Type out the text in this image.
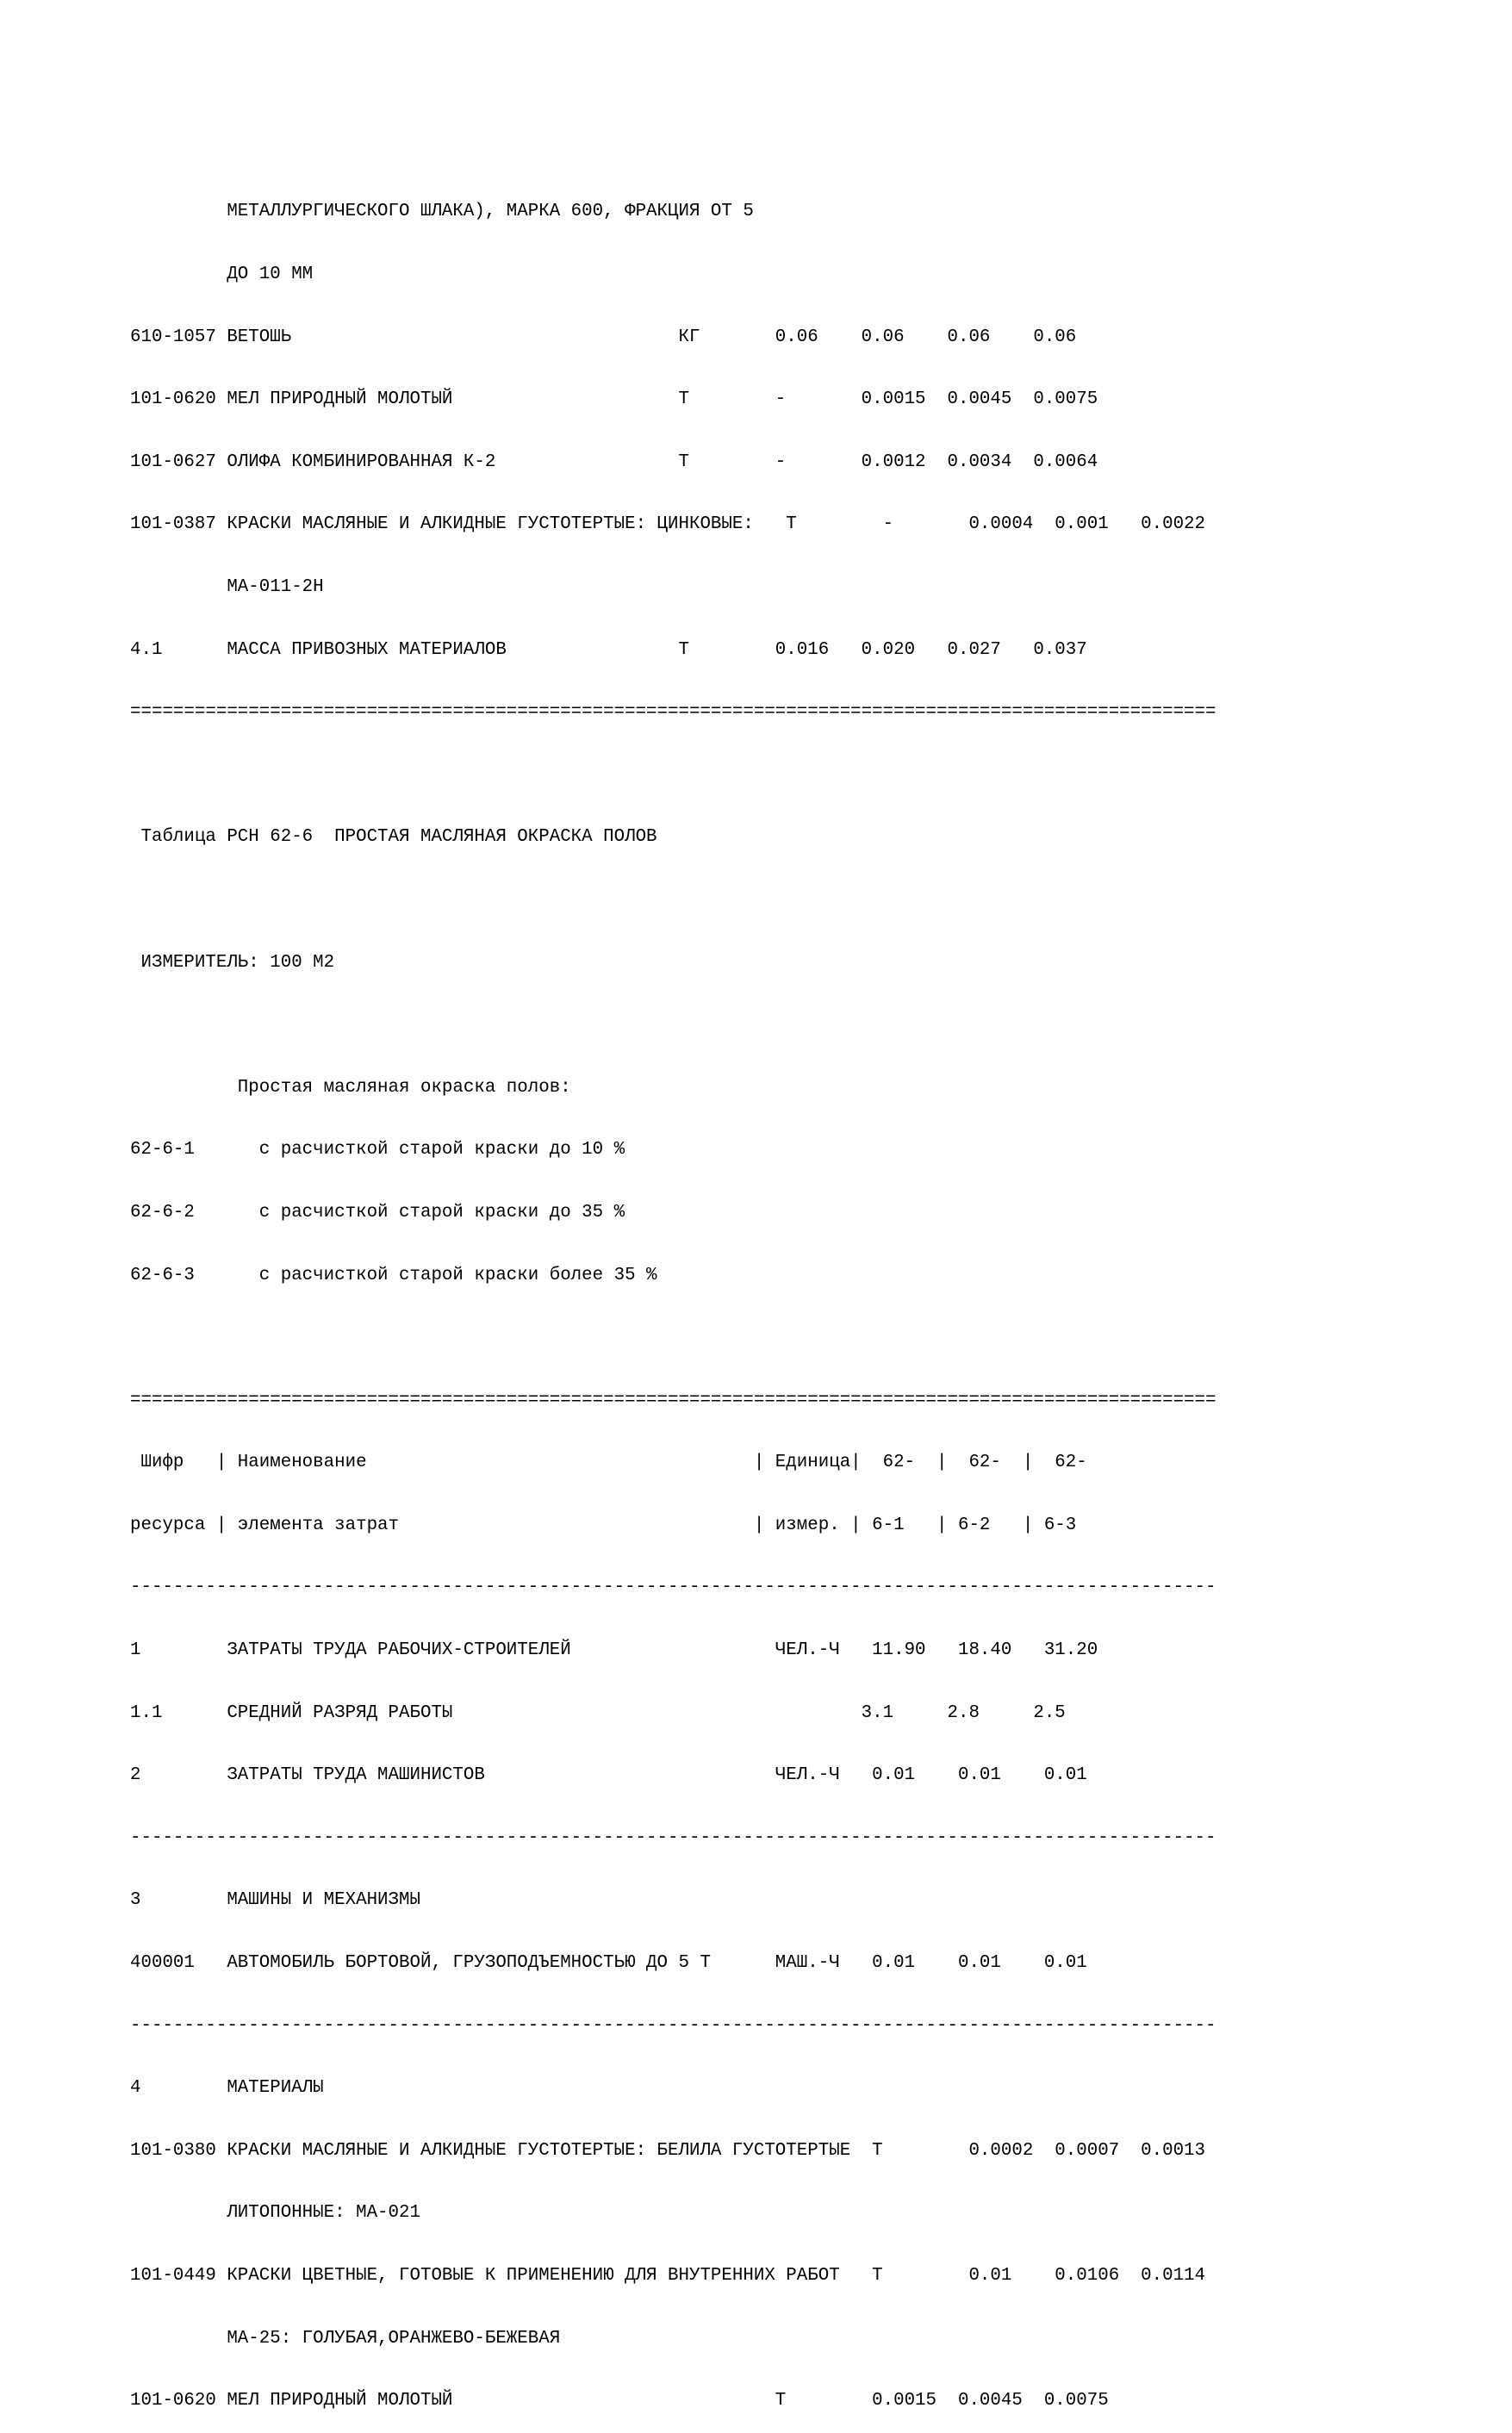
МЕТАЛЛУРГИЧЕСКОГО ШЛАКА), МАРКА 600, ФРАКЦИЯ ОТ 5

ДО 10 ММ

610-1057 ВЕТОШЬ                                    КГ       0.06    0.06    0.06    0.06

101-0620 МЕЛ ПРИРОДНЫЙ МОЛОТЫЙ                     Т        -       0.0015  0.0045  0.0075

101-0627 ОЛИФА КОМБИНИРОВАННАЯ К-2                 Т        -       0.0012  0.0034  0.0064

101-0387 КРАСКИ МАСЛЯНЫЕ И АЛКИДНЫЕ ГУСТОТЕРТЫЕ: ЦИНКОВЫЕ:   Т        -       0.0004  0.001   0.0022

МА-011-2Н

4.1      МАССА ПРИВОЗНЫХ МАТЕРИАЛОВ                Т        0.016   0.020   0.027   0.037

=====================================================================================================

Таблица РСН 62-6  ПРОСТАЯ МАСЛЯНАЯ ОКРАСКА ПОЛОВ

ИЗМЕРИТЕЛЬ: 100 М2

Простая масляная окраска полов:

62-6-1      с расчисткой старой краски до 10 %

62-6-2      с расчисткой старой краски до 35 %

62-6-3      с расчисткой старой краски более 35 %

=====================================================================================================

Шифр   | Наименование                                    | Единица|  62-  |  62-  |  62-

ресурса | элемента затрат                                 | измер. | 6-1   | 6-2   | 6-3

-----------------------------------------------------------------------------------------------------

1        ЗАТРАТЫ ТРУДА РАБОЧИХ-СТРОИТЕЛЕЙ                   ЧЕЛ.-Ч   11.90   18.40   31.20

1.1      СРЕДНИЙ РАЗРЯД РАБОТЫ                                      3.1     2.8     2.5

2        ЗАТРАТЫ ТРУДА МАШИНИСТОВ                           ЧЕЛ.-Ч   0.01    0.01    0.01

-----------------------------------------------------------------------------------------------------

3        МАШИНЫ И МЕХАНИЗМЫ

400001   АВТОМОБИЛЬ БОРТОВОЙ, ГРУЗОПОДЪЕМНОСТЬЮ ДО 5 Т      МАШ.-Ч   0.01    0.01    0.01

-----------------------------------------------------------------------------------------------------

4        МАТЕРИАЛЫ

101-0380 КРАСКИ МАСЛЯНЫЕ И АЛКИДНЫЕ ГУСТОТЕРТЫЕ: БЕЛИЛА ГУСТОТЕРТЫЕ  Т        0.0002  0.0007  0.0013

ЛИТОПОННЫЕ: МА-021

101-0449 КРАСКИ ЦВЕТНЫЕ, ГОТОВЫЕ К ПРИМЕНЕНИЮ ДЛЯ ВНУТРЕННИХ РАБОТ   Т        0.01    0.0106  0.0114

МА-25: ГОЛУБАЯ,ОРАНЖЕВО-БЕЖЕВАЯ

101-0620 МЕЛ ПРИРОДНЫЙ МОЛОТЫЙ                              Т        0.0015  0.0045  0.0075
